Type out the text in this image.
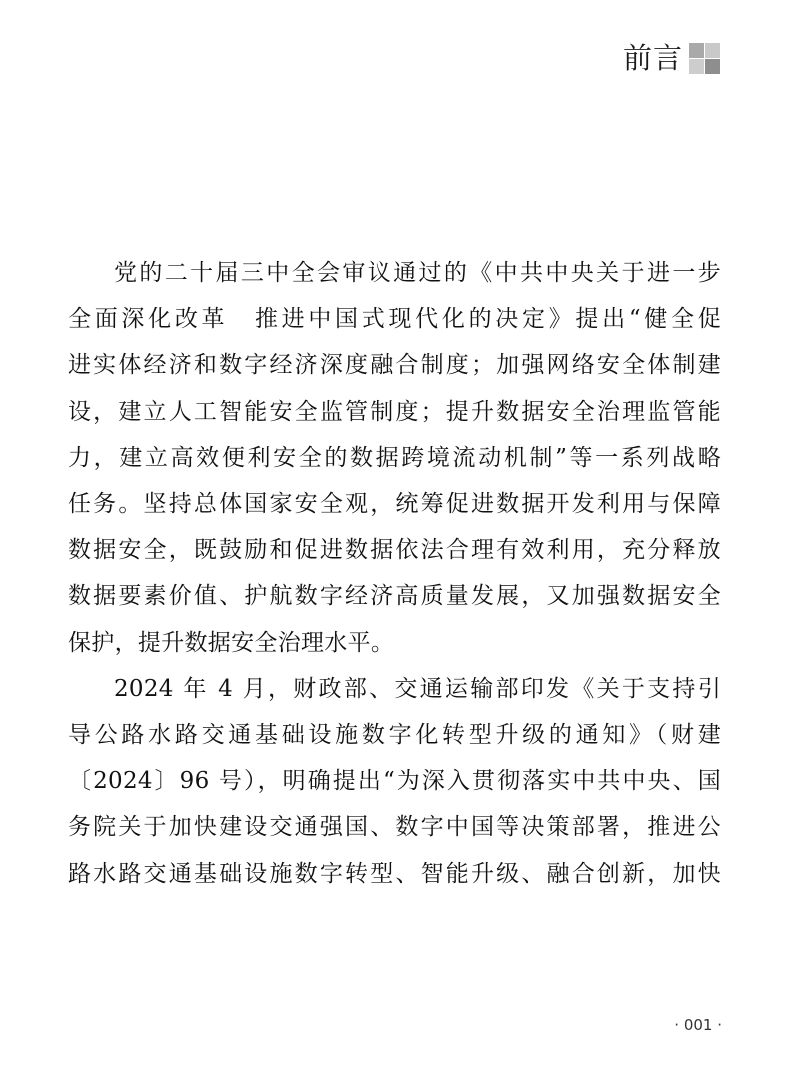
前言

党的二十届三中全会审议通过的《中共中央关于进一步
全面深化改革　推进中国式现代化的决定》提出“健全促
进实体经济和数字经济深度融合制度；加强网络安全体制建
设，建立人工智能安全监管制度；提升数据安全治理监管能
力，建立高效便利安全的数据跨境流动机制”等一系列战略
任务。坚持总体国家安全观，统筹促进数据开发利用与保障
数据安全，既鼓励和促进数据依法合理有效利用，充分释放
数据要素价值、护航数字经济高质量发展，又加强数据安全
保护，提升数据安全治理水平。

2024 年 4 月，财政部、交通运输部印发《关于支持引
导公路水路交通基础设施数字化转型升级的通知》（财建
〔2024〕96 号），明确提出“为深入贯彻落实中共中央、国
务院关于加快建设交通强国、数字中国等决策部署，推进公
路水路交通基础设施数字转型、智能升级、融合创新，加快

· 001 ·
